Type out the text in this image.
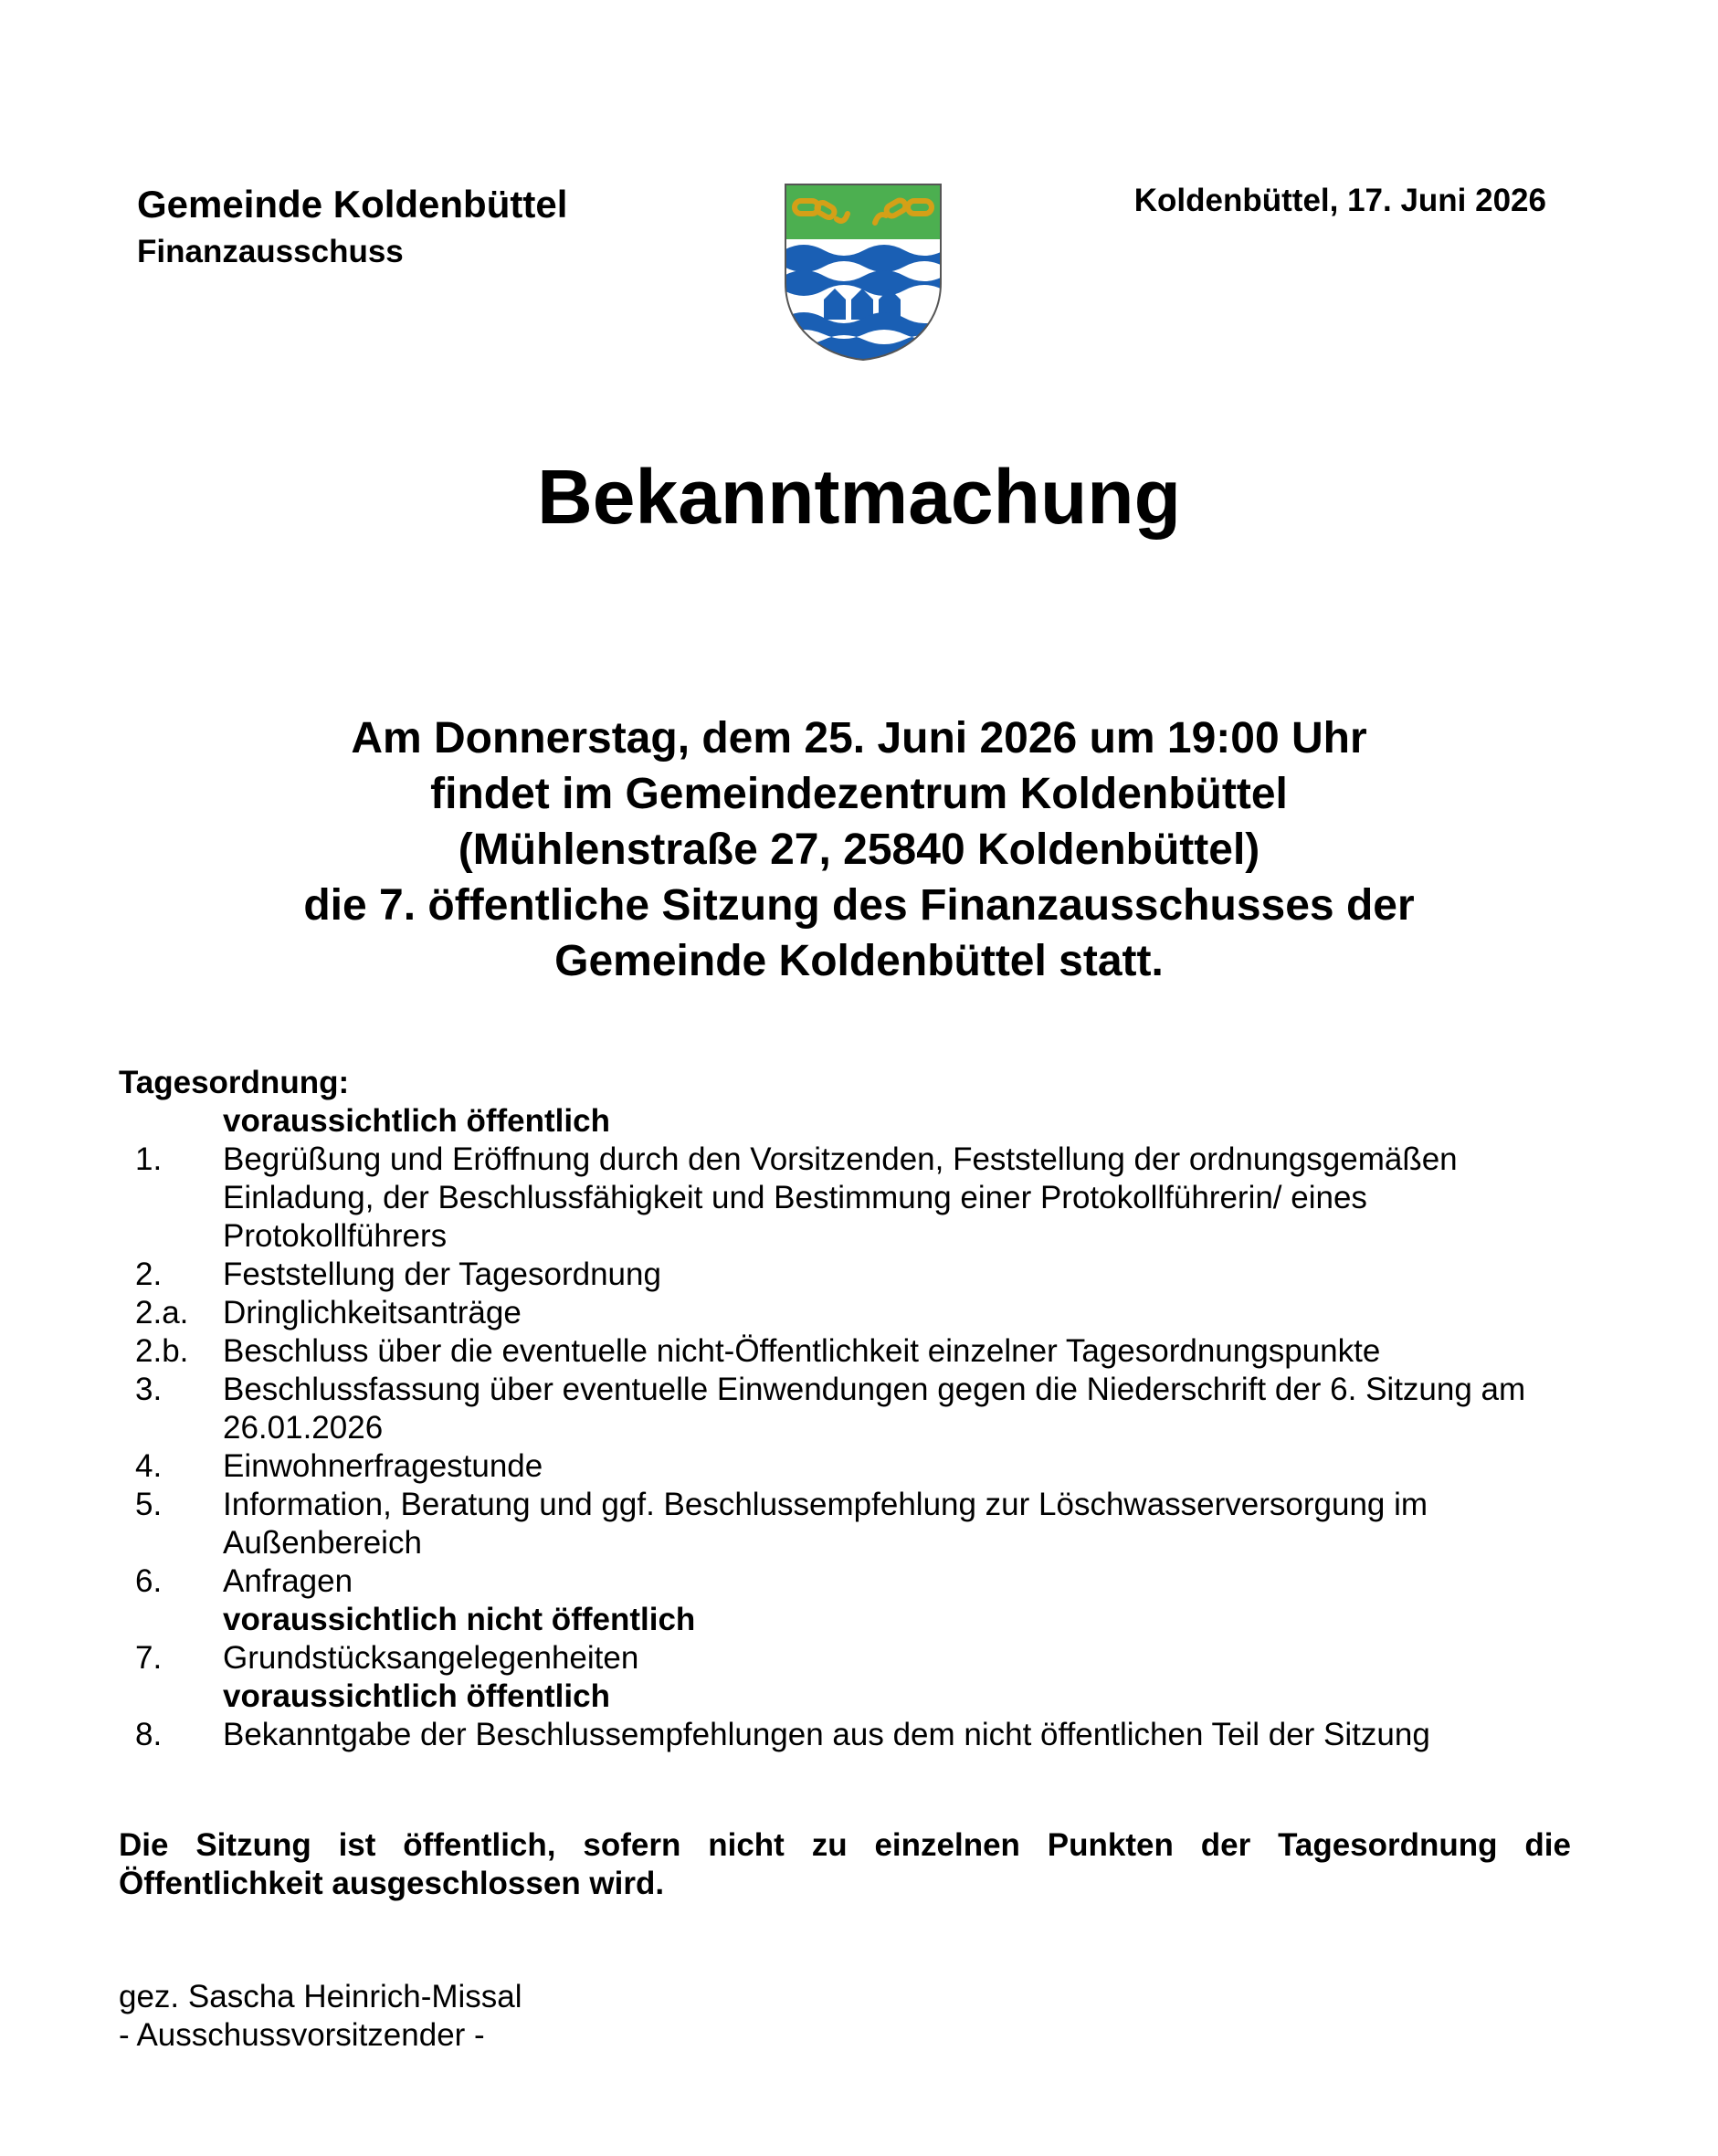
Gemeinde Koldenbüttel
Finanzausschuss
Koldenbüttel, 17. Juni 2026
Bekanntmachung
Am Donnerstag, dem 25. Juni 2026 um 19:00 Uhr
findet im Gemeindezentrum Koldenbüttel
(Mühlenstraße 27, 25840 Koldenbüttel)
die 7. öffentliche Sitzung des Finanzausschusses der
Gemeinde Koldenbüttel statt.
Tagesordnung:
voraussichtlich öffentlich
1.	Begrüßung und Eröffnung durch den Vorsitzenden, Feststellung der ordnungsgemäßen Einladung, der Beschlussfähigkeit und Bestimmung einer Protokollführerin/ eines Protokollführers
2.	Feststellung der Tagesordnung
2.a.	Dringlichkeitsanträge
2.b.	Beschluss über die eventuelle nicht-Öffentlichkeit einzelner Tagesordnungspunkte
3.	Beschlussfassung über eventuelle Einwendungen gegen die Niederschrift der 6. Sitzung am 26.01.2026
4.	Einwohnerfragestunde
5.	Information, Beratung und ggf. Beschlussempfehlung zur Löschwasserversorgung im Außenbereich
6.	Anfragen
voraussichtlich nicht öffentlich
7.	Grundstücksangelegenheiten
voraussichtlich öffentlich
8.	Bekanntgabe der Beschlussempfehlungen aus dem nicht öffentlichen Teil der Sitzung
Die Sitzung ist öffentlich, sofern nicht zu einzelnen Punkten der Tagesordnung die Öffentlichkeit ausgeschlossen wird.
gez. Sascha Heinrich-Missal
- Ausschussvorsitzender -
